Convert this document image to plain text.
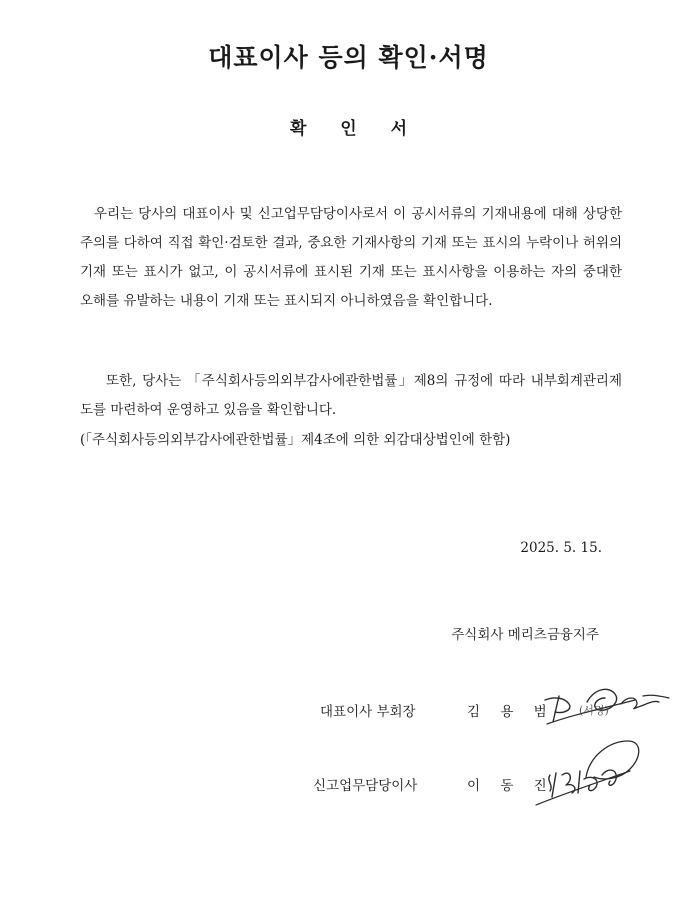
대표이사 등의 확인·서명
확 인 서
우리는 당사의 대표이사 및 신고업무담당이사로서 이 공시서류의 기재내용에 대해 상당한 주의를 다하여 직접 확인·검토한 결과, 중요한 기재사항의 기재 또는 표시의 누락이나 허위의 기재 또는 표시가 없고, 이 공시서류에 표시된 기재 또는 표시사항을 이용하는 자의 중대한 오해를 유발하는 내용이 기재 또는 표시되지 아니하였음을 확인합니다.
또한, 당사는 「주식회사등의외부감사에관한법률」제8의 규정에 따라 내부회계관리제도를 마련하여 운영하고 있음을 확인합니다.
(「주식회사등의외부감사에관한법률」제4조에 의한 외감대상법인에 한함)
2025. 5. 15.
주식회사 메리츠금융지주
대표이사 부회장	김 용 범 (서명)
신고업무담당이사	이 동 진
